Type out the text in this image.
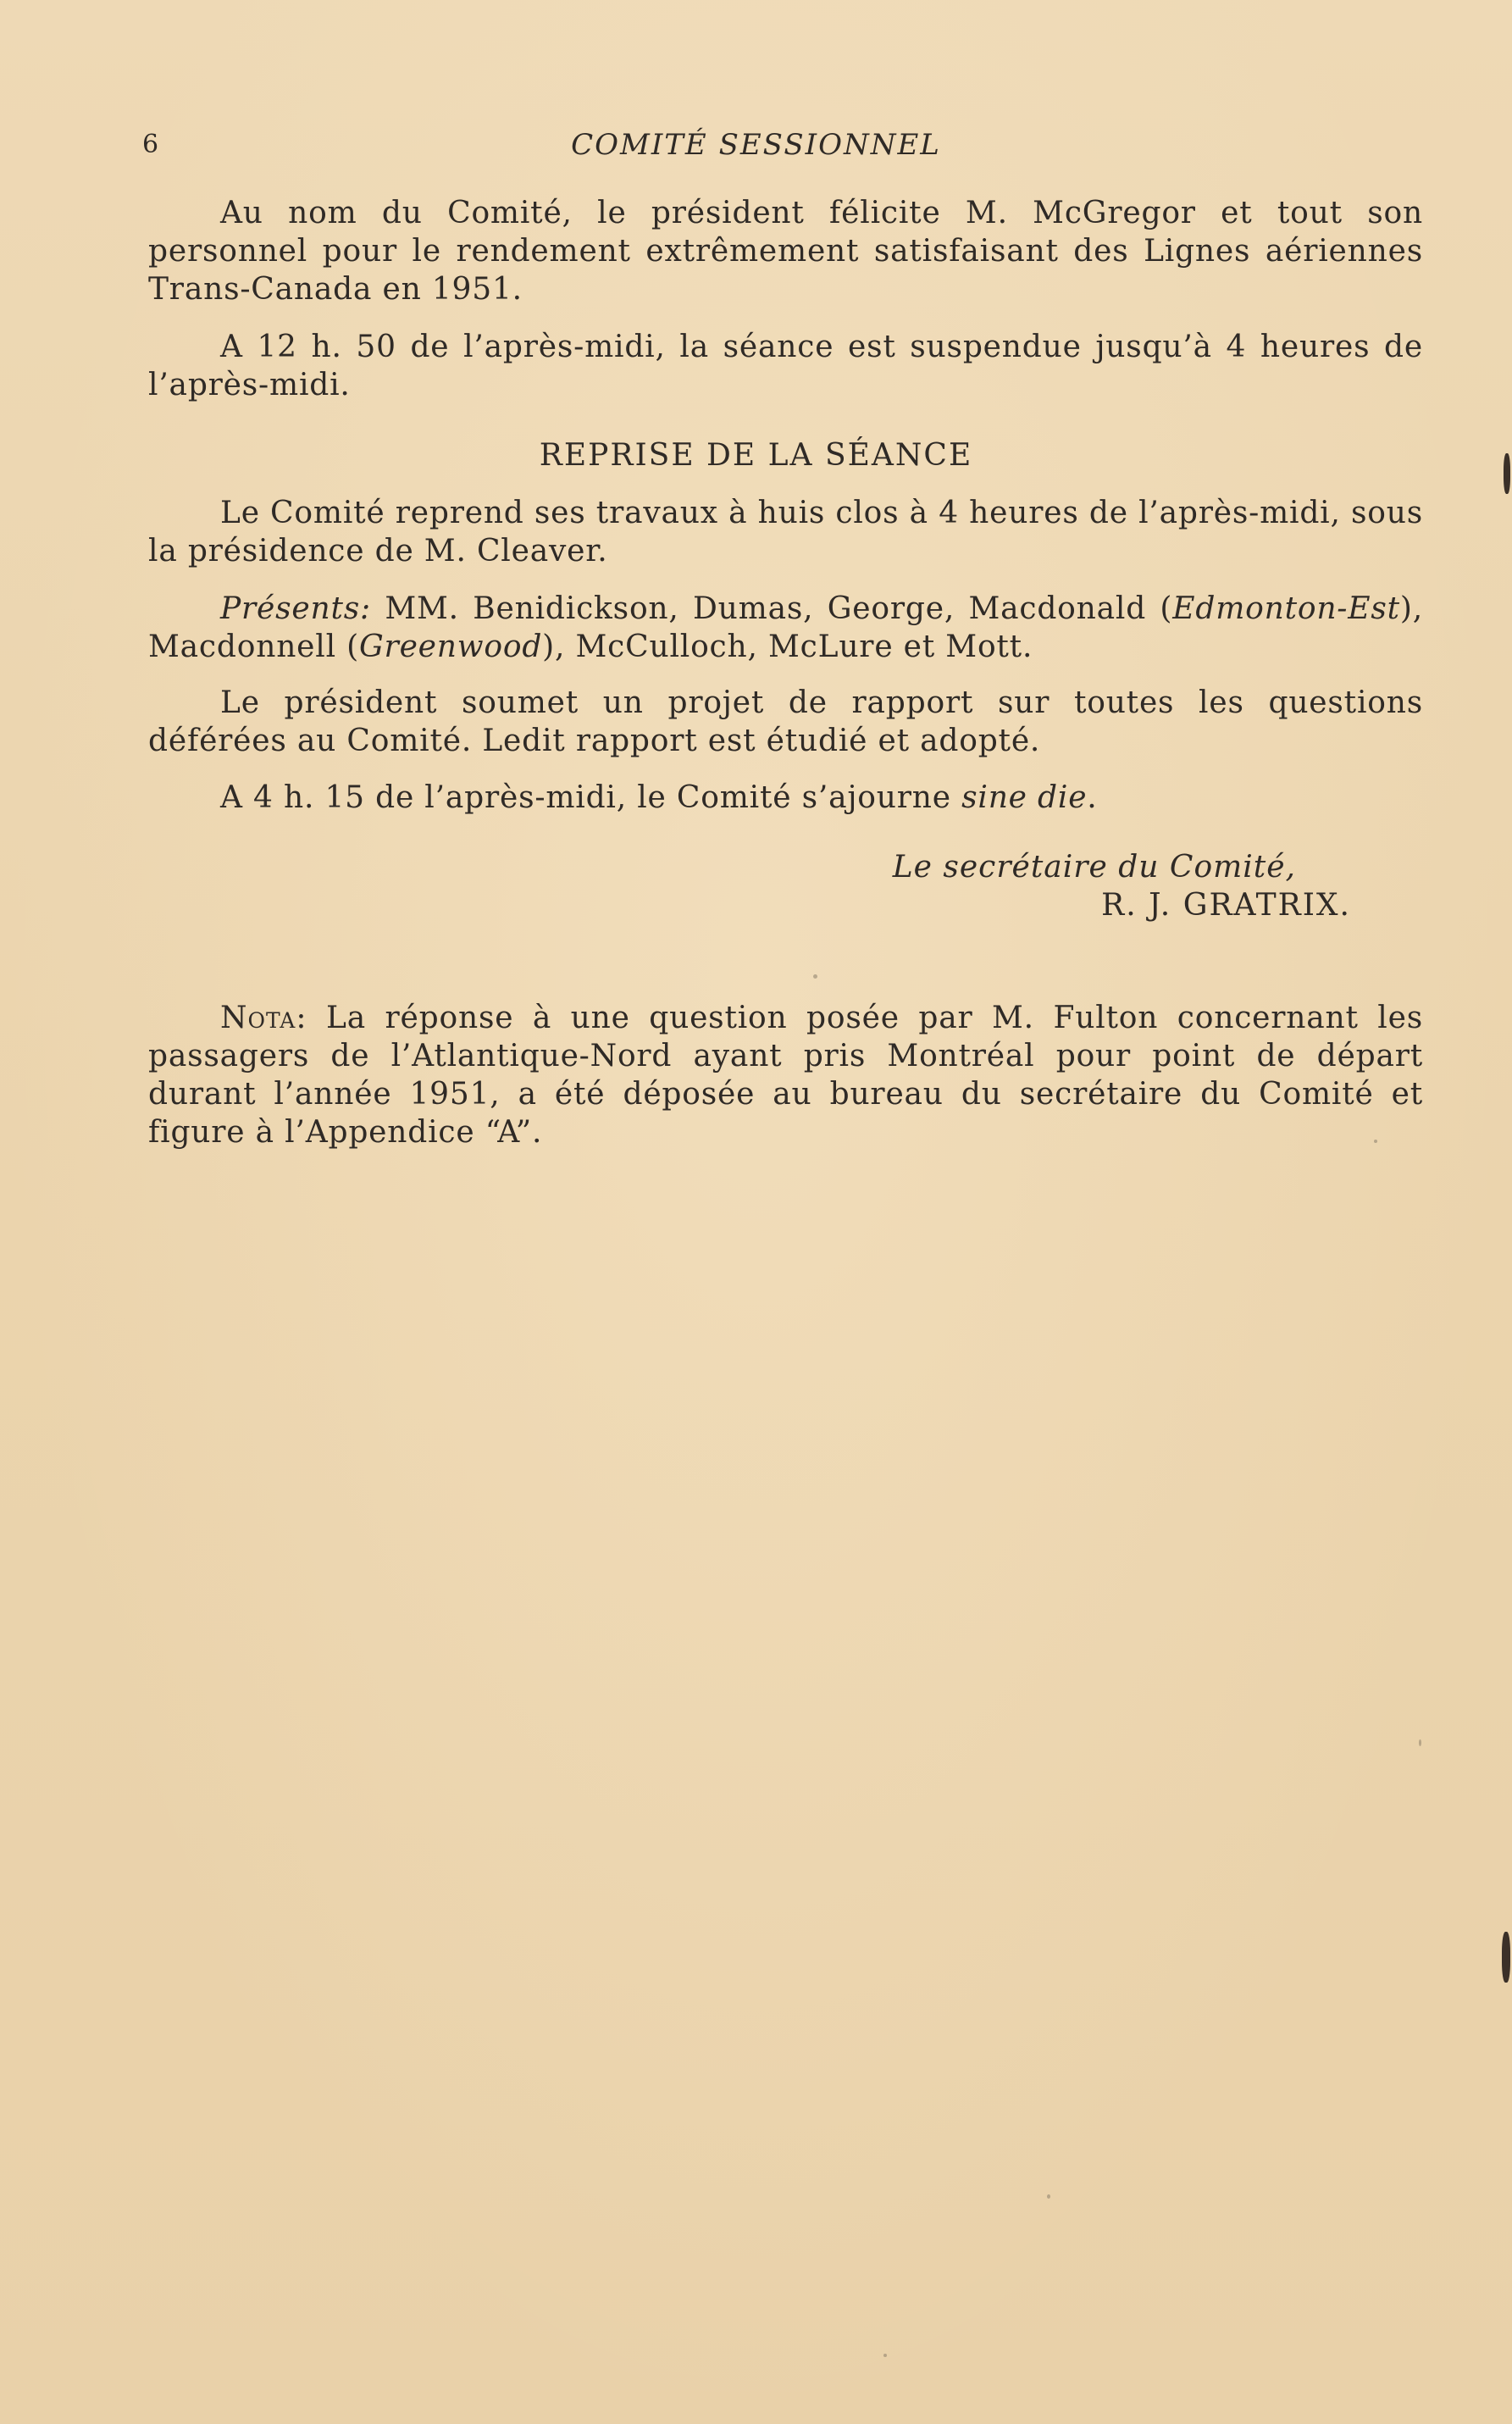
6	COMITÉ SESSIONNEL

Au nom du Comité, le président félicite M. McGregor et tout son personnel pour le rendement extrêmement satisfaisant des Lignes aériennes Trans-Canada en 1951.

A 12 h. 50 de l’après-midi, la séance est suspendue jusqu’à 4 heures de l’après-midi.

REPRISE DE LA SÉANCE

Le Comité reprend ses travaux à huis clos à 4 heures de l’après-midi, sous la présidence de M. Cleaver.

Présents: MM. Benidickson, Dumas, George, Macdonald (Edmonton-Est), Macdonnell (Greenwood), McCulloch, McLure et Mott.

Le président soumet un projet de rapport sur toutes les questions déférées au Comité. Ledit rapport est étudié et adopté.

A 4 h. 15 de l’après-midi, le Comité s’ajourne sine die.

Le secrétaire du Comité,
R. J. GRATRIX.

Nota: La réponse à une question posée par M. Fulton concernant les passagers de l’Atlantique-Nord ayant pris Montréal pour point de départ durant l’année 1951, a été déposée au bureau du secrétaire du Comité et figure à l’Appendice “A”.
